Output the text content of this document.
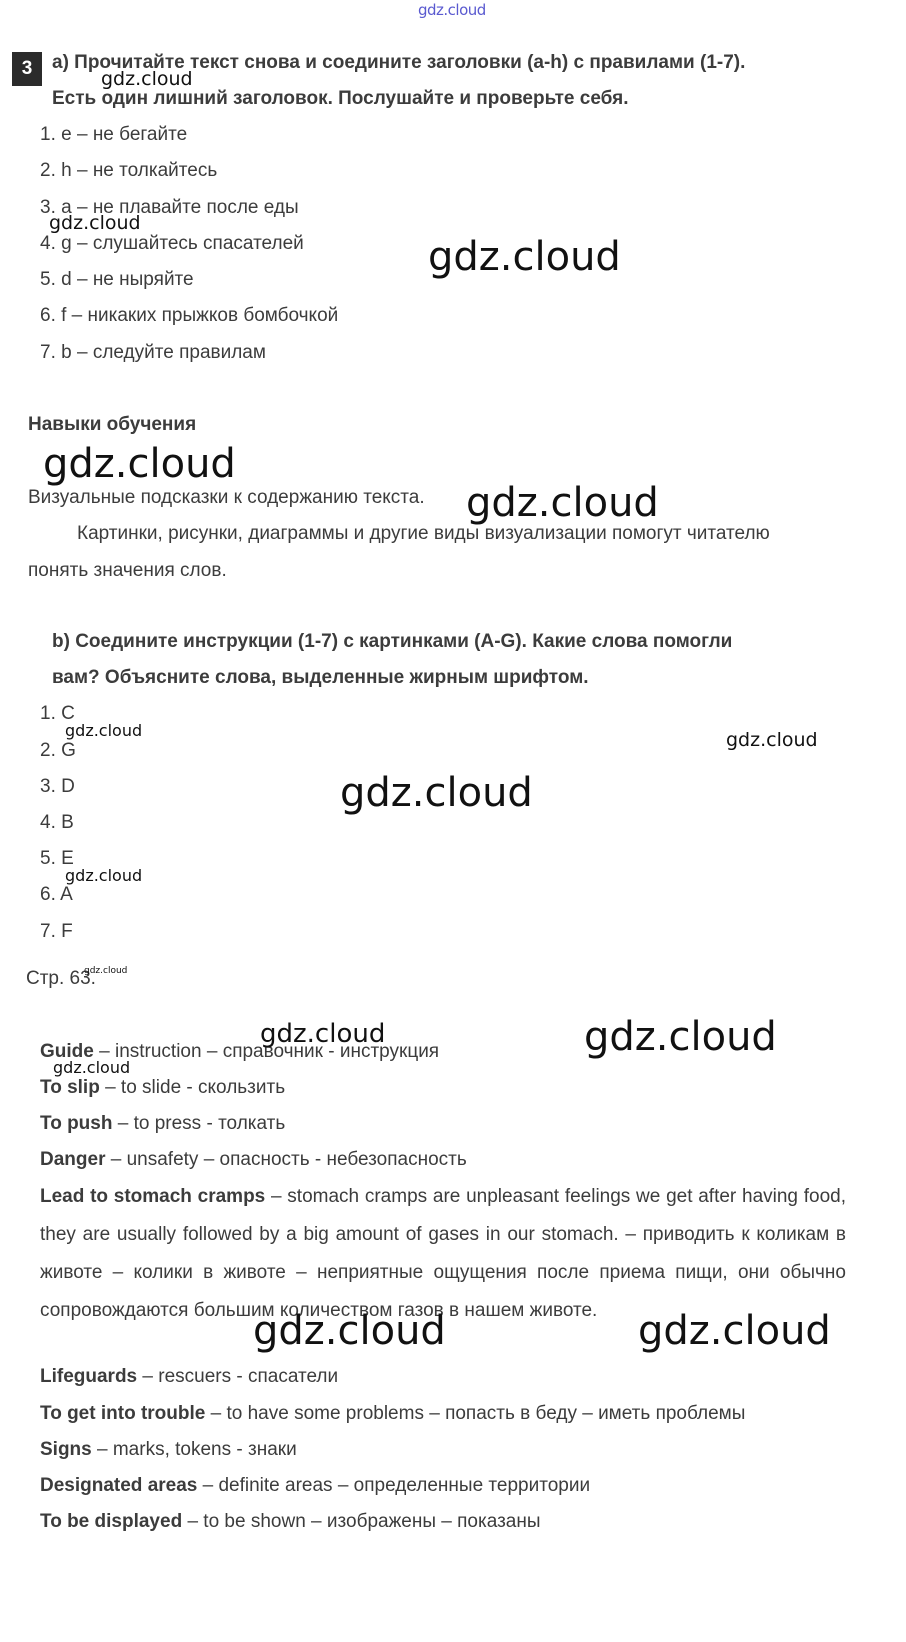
gdz.cloud
3	a) Прочитайте текст снова и соедините заголовки (a-h) с правилами (1-7).
Есть один лишний заголовок. Послушайте и проверьте себя.
1. e – не бегайте
2. h – не толкайтесь
3. a – не плавайте после еды
4. g – слушайтесь спасателей
5. d – не ныряйте
6. f – никаких прыжков бомбочкой
7. b – следуйте правилам
Навыки обучения
Визуальные подсказки к содержанию текста.
Картинки, рисунки, диаграммы и другие виды визуализации помогут читателю
понять значения слов.
b) Соедините инструкции (1-7) с картинками (A-G). Какие слова помогли
вам? Объясните слова, выделенные жирным шрифтом.
1. C
2. G
3. D
4. B
5. E
6. A
7. F
Стр. 63.
Guide – instruction – справочник - инструкция
To slip – to slide - скользить
To push – to press - толкать
Danger – unsafety – опасность - небезопасность
Lead to stomach cramps – stomach cramps are unpleasant feelings we get after having food, they are usually followed by a big amount of gases in our stomach. – приводить к коликам в животе – колики в животе – неприятные ощущения после приема пищи, они обычно сопровождаются большим количеством газов в нашем животе.
Lifeguards – rescuers - спасатели
To get into trouble – to have some problems – попасть в беду – иметь проблемы
Signs – marks, tokens - знаки
Designated areas – definite areas – определенные территории
To be displayed – to be shown – изображены – показаны
gdz.cloud
gdz.cloud
gdz.cloud
gdz.cloud
gdz.cloud
gdz.cloud	gdz.cloud
gdz.cloud
gdz.cloud
gdz.cloud
gdz.cloud	gdz.cloud
gdz.cloud
gdz.cloud	gdz.cloud
